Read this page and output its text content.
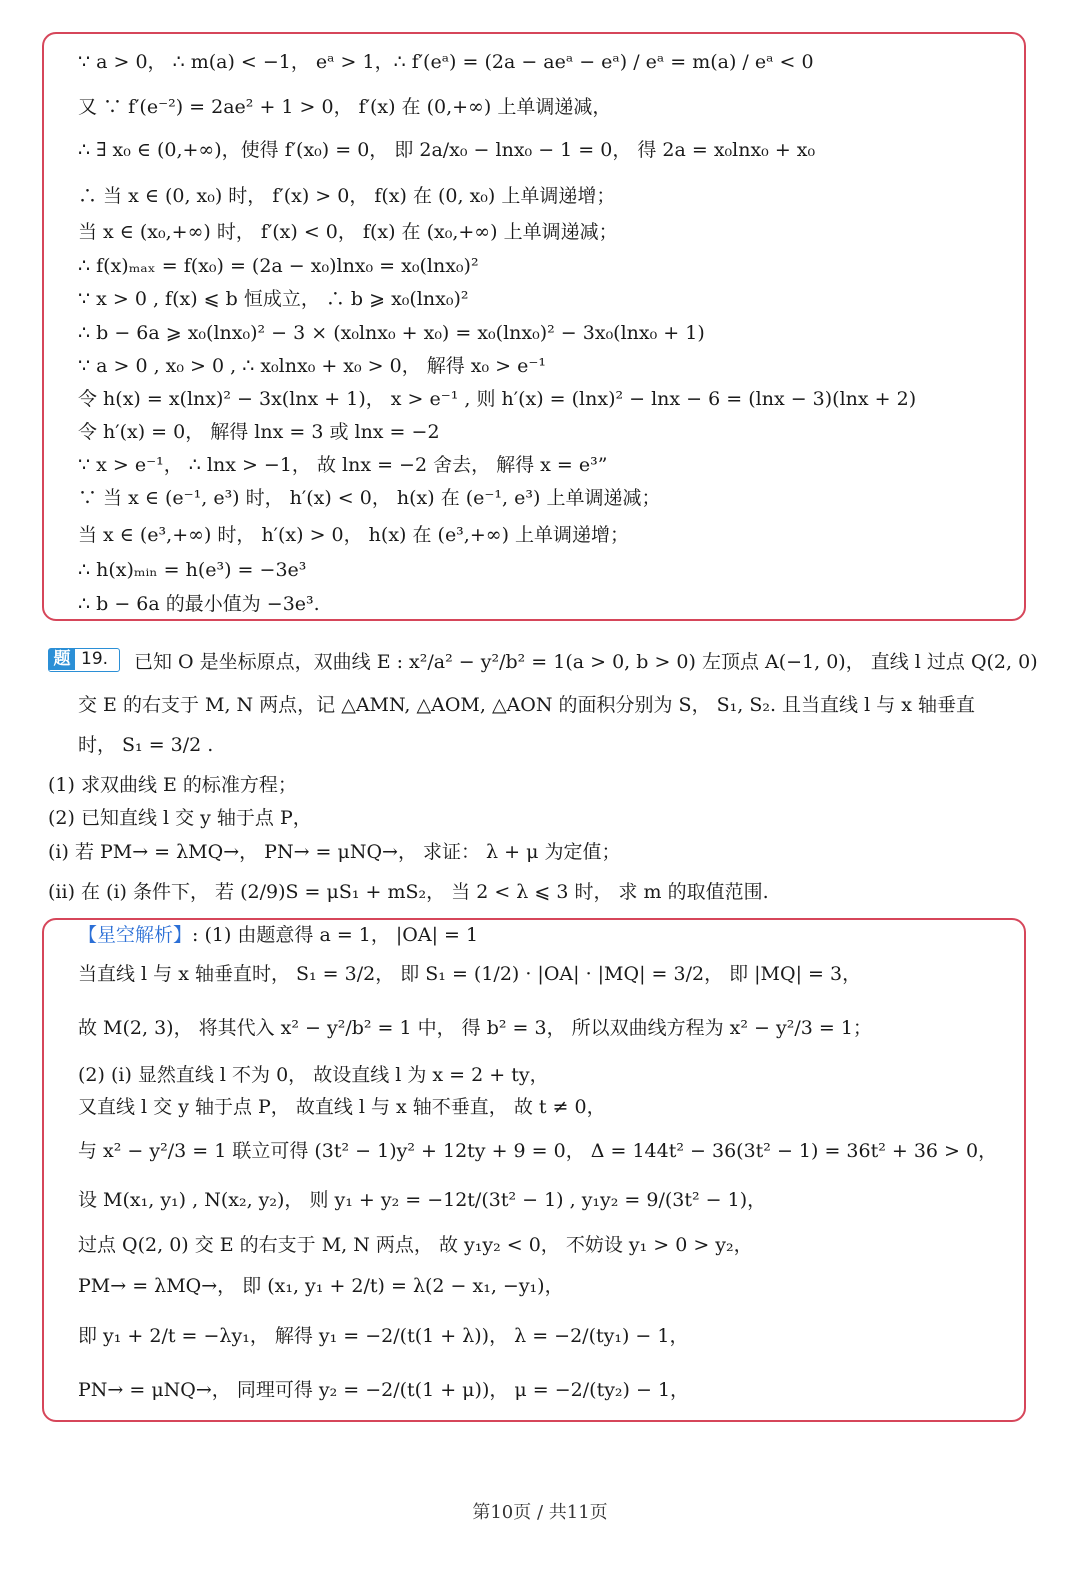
∵ a > 0， ∴ m(a) < −1， eᵃ > 1，∴ f′(eᵃ) = (2a − aeᵃ − eᵃ) / eᵃ = m(a) / eᵃ < 0
又 ∵ f′(e⁻²) = 2ae² + 1 > 0， f′(x) 在 (0,+∞) 上单调递减，
∴ ∃ x₀ ∈ (0,+∞)，使得 f′(x₀) = 0， 即 2a/x₀ − lnx₀ − 1 = 0， 得 2a = x₀lnx₀ + x₀
∴ 当 x ∈ (0, x₀) 时， f′(x) > 0， f(x) 在 (0, x₀) 上单调递增；
当 x ∈ (x₀,+∞) 时， f′(x) < 0， f(x) 在 (x₀,+∞) 上单调递减；
∴ f(x)ₘₐₓ = f(x₀) = (2a − x₀)lnx₀ = x₀(lnx₀)²
∵ x > 0 , f(x) ⩽ b 恒成立， ∴ b ⩾ x₀(lnx₀)²
∴ b − 6a ⩾ x₀(lnx₀)² − 3 × (x₀lnx₀ + x₀) = x₀(lnx₀)² − 3x₀(lnx₀ + 1)
∵ a > 0 , x₀ > 0 , ∴ x₀lnx₀ + x₀ > 0， 解得 x₀ > e⁻¹
令 h(x) = x(lnx)² − 3x(lnx + 1)， x > e⁻¹ , 则 h′(x) = (lnx)² − lnx − 6 = (lnx − 3)(lnx + 2)
令 h′(x) = 0， 解得 lnx = 3 或 lnx = −2
∵ x > e⁻¹， ∴ lnx > −1， 故 lnx = −2 舍去， 解得 x = e³”
∵ 当 x ∈ (e⁻¹, e³) 时， h′(x) < 0， h(x) 在 (e⁻¹, e³) 上单调递减；
当 x ∈ (e³,+∞) 时， h′(x) > 0， h(x) 在 (e³,+∞) 上单调递增；
∴ h(x)ₘᵢₙ = h(e³) = −3e³
∴ b − 6a 的最小值为 −3e³.
题 19.	已知 O 是坐标原点，双曲线 E : x²/a² − y²/b² = 1(a > 0, b > 0) 左顶点 A(−1, 0)， 直线 l 过点 Q(2, 0)
交 E 的右支于 M, N 两点，记 △AMN, △AOM, △AON 的面积分别为 S， S₁, S₂. 且当直线 l 与 x 轴垂直
时， S₁ = 3/2 .
(1) 求双曲线 E 的标准方程；
(2) 已知直线 l 交 y 轴于点 P，
(i) 若 PM→ = λMQ→， PN→ = μNQ→， 求证： λ + μ 为定值；
(ii) 在 (i) 条件下， 若 (2/9)S = μS₁ + mS₂， 当 2 < λ ⩽ 3 时， 求 m 的取值范围.
【星空解析】: (1) 由题意得 a = 1， |OA| = 1
当直线 l 与 x 轴垂直时， S₁ = 3/2， 即 S₁ = (1/2) · |OA| · |MQ| = 3/2， 即 |MQ| = 3，
故 M(2, 3)， 将其代入 x² − y²/b² = 1 中， 得 b² = 3， 所以双曲线方程为 x² − y²/3 = 1；
(2) (i) 显然直线 l 不为 0， 故设直线 l 为 x = 2 + ty，
又直线 l 交 y 轴于点 P， 故直线 l 与 x 轴不垂直， 故 t ≠ 0，
与 x² − y²/3 = 1 联立可得 (3t² − 1)y² + 12ty + 9 = 0， Δ = 144t² − 36(3t² − 1) = 36t² + 36 > 0，
设 M(x₁, y₁) , N(x₂, y₂)， 则 y₁ + y₂ = −12t/(3t² − 1) , y₁y₂ = 9/(3t² − 1)，
过点 Q(2, 0) 交 E 的右支于 M, N 两点， 故 y₁y₂ < 0， 不妨设 y₁ > 0 > y₂，
PM→ = λMQ→， 即 (x₁, y₁ + 2/t) = λ(2 − x₁, −y₁)，
即 y₁ + 2/t = −λy₁， 解得 y₁ = −2/(t(1 + λ))， λ = −2/(ty₁) − 1，
PN→ = μNQ→， 同理可得 y₂ = −2/(t(1 + μ))， μ = −2/(ty₂) − 1，
第10页 / 共11页
